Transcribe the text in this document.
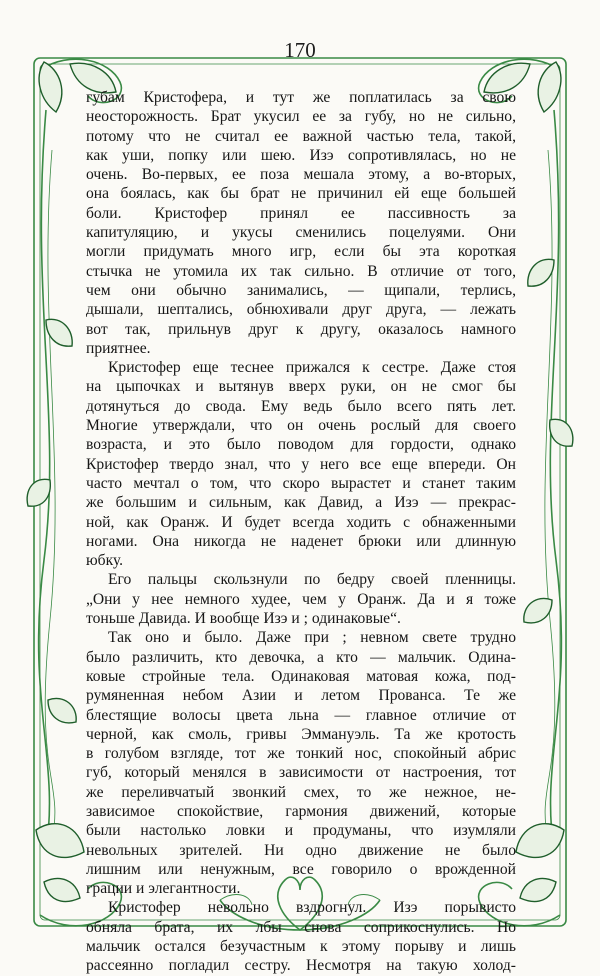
170
губам Кристофера, и тут же поплатилась за свою
неосторожность. Брат укусил ее за губу, но не сильно,
потому что не считал ее важной частью тела, такой,
как уши, попку или шею. Изэ сопротивлялась, но не
очень. Во-первых, ее поза мешала этому, а во-вторых,
она боялась, как бы брат не причинил ей еще большей
боли. Кристофер принял ее пассивность за
капитуляцию, и укусы сменились поцелуями. Они
могли придумать много игр, если бы эта короткая
стычка не утомила их так сильно. В отличие от того,
чем они обычно занимались, — щипали, терлись,
дышали, шептались, обнюхивали друг друга, — лежать
вот так, прильнув друг к другу, оказалось намного
приятнее.
Кристофер еще теснее прижался к сестре. Даже стоя
на цыпочках и вытянув вверх руки, он не смог бы
дотянуться до свода. Ему ведь было всего пять лет.
Многие утверждали, что он очень рослый для своего
возраста, и это было поводом для гордости, однако
Кристофер твердо знал, что у него все еще впереди. Он
часто мечтал о том, что скоро вырастет и станет таким
же большим и сильным, как Давид, а Изэ — прекрас-
ной, как Оранж. И будет всегда ходить с обнаженными
ногами. Она никогда не наденет брюки или длинную
юбку.
Его пальцы скользнули по бедру своей пленницы.
„Они у нее немного худее, чем у Оранж. Да и я тоже
тоньше Давида. И вообще Изэ и ; одинаковые“.
Так оно и было. Даже при ; невном свете трудно
было различить, кто девочка, а кто — мальчик. Одина-
ковые стройные тела. Одинаковая матовая кожа, под-
румяненная небом Азии и летом Прованса. Те же
блестящие волосы цвета льна — главное отличие от
черной, как смоль, гривы Эммануэль. Та же кротость
в голубом взгляде, тот же тонкий нос, спокойный абрис
губ, который менялся в зависимости от настроения, тот
же переливчатый звонкий смех, то же нежное, не-
зависимое спокойствие, гармония движений, которые
были настолько ловки и продуманы, что изумляли
невольных зрителей. Ни одно движение не было
лишним или ненужным, все говорило о врожденной
грации и элегантности.
Кристофер невольно вздрогнул. Изэ порывисто
обняла брата, их лбы снова соприкоснулись. Но
мальчик остался безучастным к этому порыву и лишь
рассеянно погладил сестру. Несмотря на такую холод-
